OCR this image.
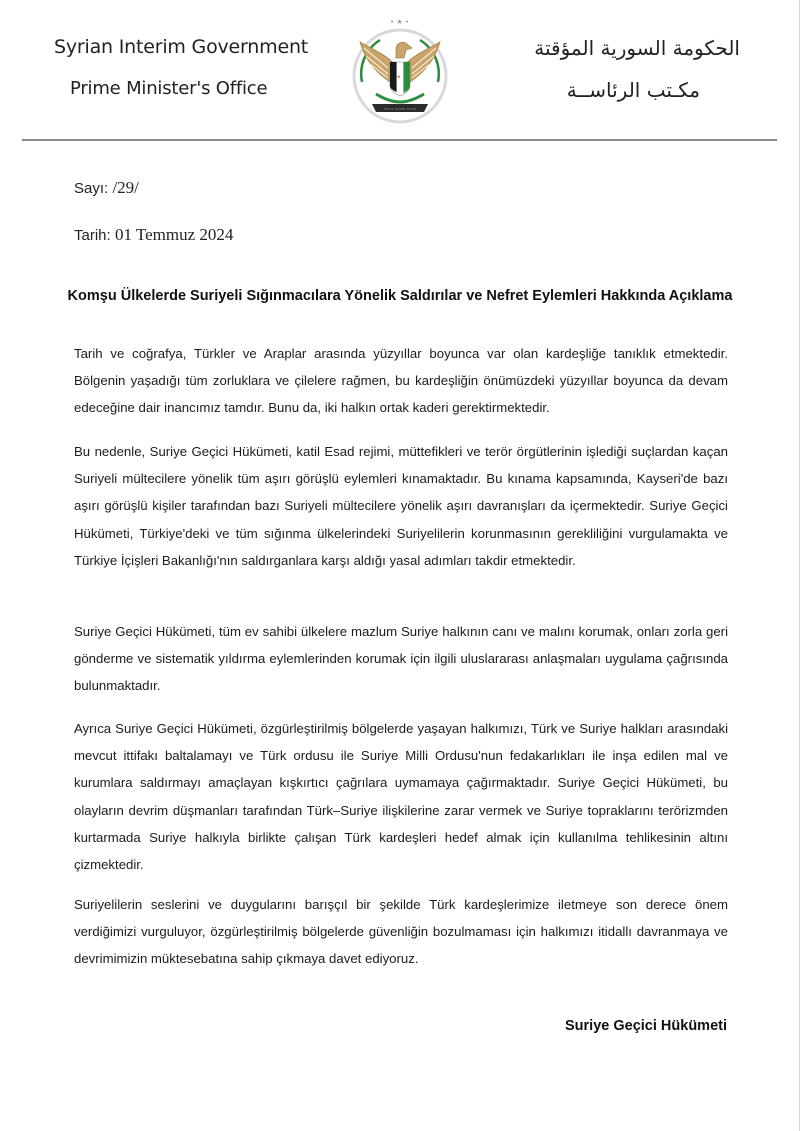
Syrian Interim Government
Prime Minister's Office
• ★ •
★
~~~ ~~~ ~~~
الحكومة السورية المؤقتة
مكـتب الرئاســة
Sayı: /29/
Tarih: 01 Temmuz 2024
Komşu Ülkelerde Suriyeli Sığınmacılara Yönelik Saldırılar ve Nefret Eylemleri Hakkında Açıklama

Tarih ve coğrafya, Türkler ve Araplar arasında yüzyıllar boyunca var olan kardeşliğe tanıklık etmektedir. Bölgenin yaşadığı tüm zorluklara ve çilelere rağmen, bu kardeşliğin önümüzdeki yüzyıllar boyunca da devam edeceğine dair inancımız tamdır. Bunu da, iki halkın ortak kaderi gerektirmektedir.

Bu nedenle, Suriye Geçici Hükümeti, katil Esad rejimi, müttefikleri ve terör örgütlerinin işlediği suçlardan kaçan Suriyeli mültecilere yönelik tüm aşırı görüşlü eylemleri kınamaktadır. Bu kınama kapsamında, Kayseri'de bazı aşırı görüşlü kişiler tarafından bazı Suriyeli mültecilere yönelik aşırı davranışları da içermektedir. Suriye Geçici Hükümeti, Türkiye'deki ve tüm sığınma ülkelerindeki Suriyelilerin korunmasının gerekliliğini vurgulamakta ve Türkiye İçişleri Bakanlığı'nın saldırganlara karşı aldığı yasal adımları takdir etmektedir.

Suriye Geçici Hükümeti, tüm ev sahibi ülkelere mazlum Suriye halkının canı ve malını korumak, onları zorla geri gönderme ve sistematik yıldırma eylemlerinden korumak için ilgili uluslararası anlaşmaları uygulama çağrısında bulunmaktadır.

Ayrıca Suriye Geçici Hükümeti, özgürleştirilmiş bölgelerde yaşayan halkımızı, Türk ve Suriye halkları arasındaki mevcut ittifakı baltalamayı ve Türk ordusu ile Suriye Milli Ordusu'nun fedakarlıkları ile inşa edilen mal ve kurumlara saldırmayı amaçlayan kışkırtıcı çağrılara uymamaya çağırmaktadır. Suriye Geçici Hükümeti, bu olayların devrim düşmanları tarafından Türk–Suriye ilişkilerine zarar vermek ve Suriye topraklarını terörizmden kurtarmada Suriye halkıyla birlikte çalışan Türk kardeşleri hedef almak için kullanılma tehlikesinin altını çizmektedir.

Suriyelilerin seslerini ve duygularını barışçıl bir şekilde Türk kardeşlerimize iletmeye son derece önem verdiğimizi vurguluyor, özgürleştirilmiş bölgelerde güvenliğin bozulmaması için halkımızı itidallı davranmaya ve devrimimizin müktesebatına sahip çıkmaya davet ediyoruz.

Suriye Geçici Hükümeti
